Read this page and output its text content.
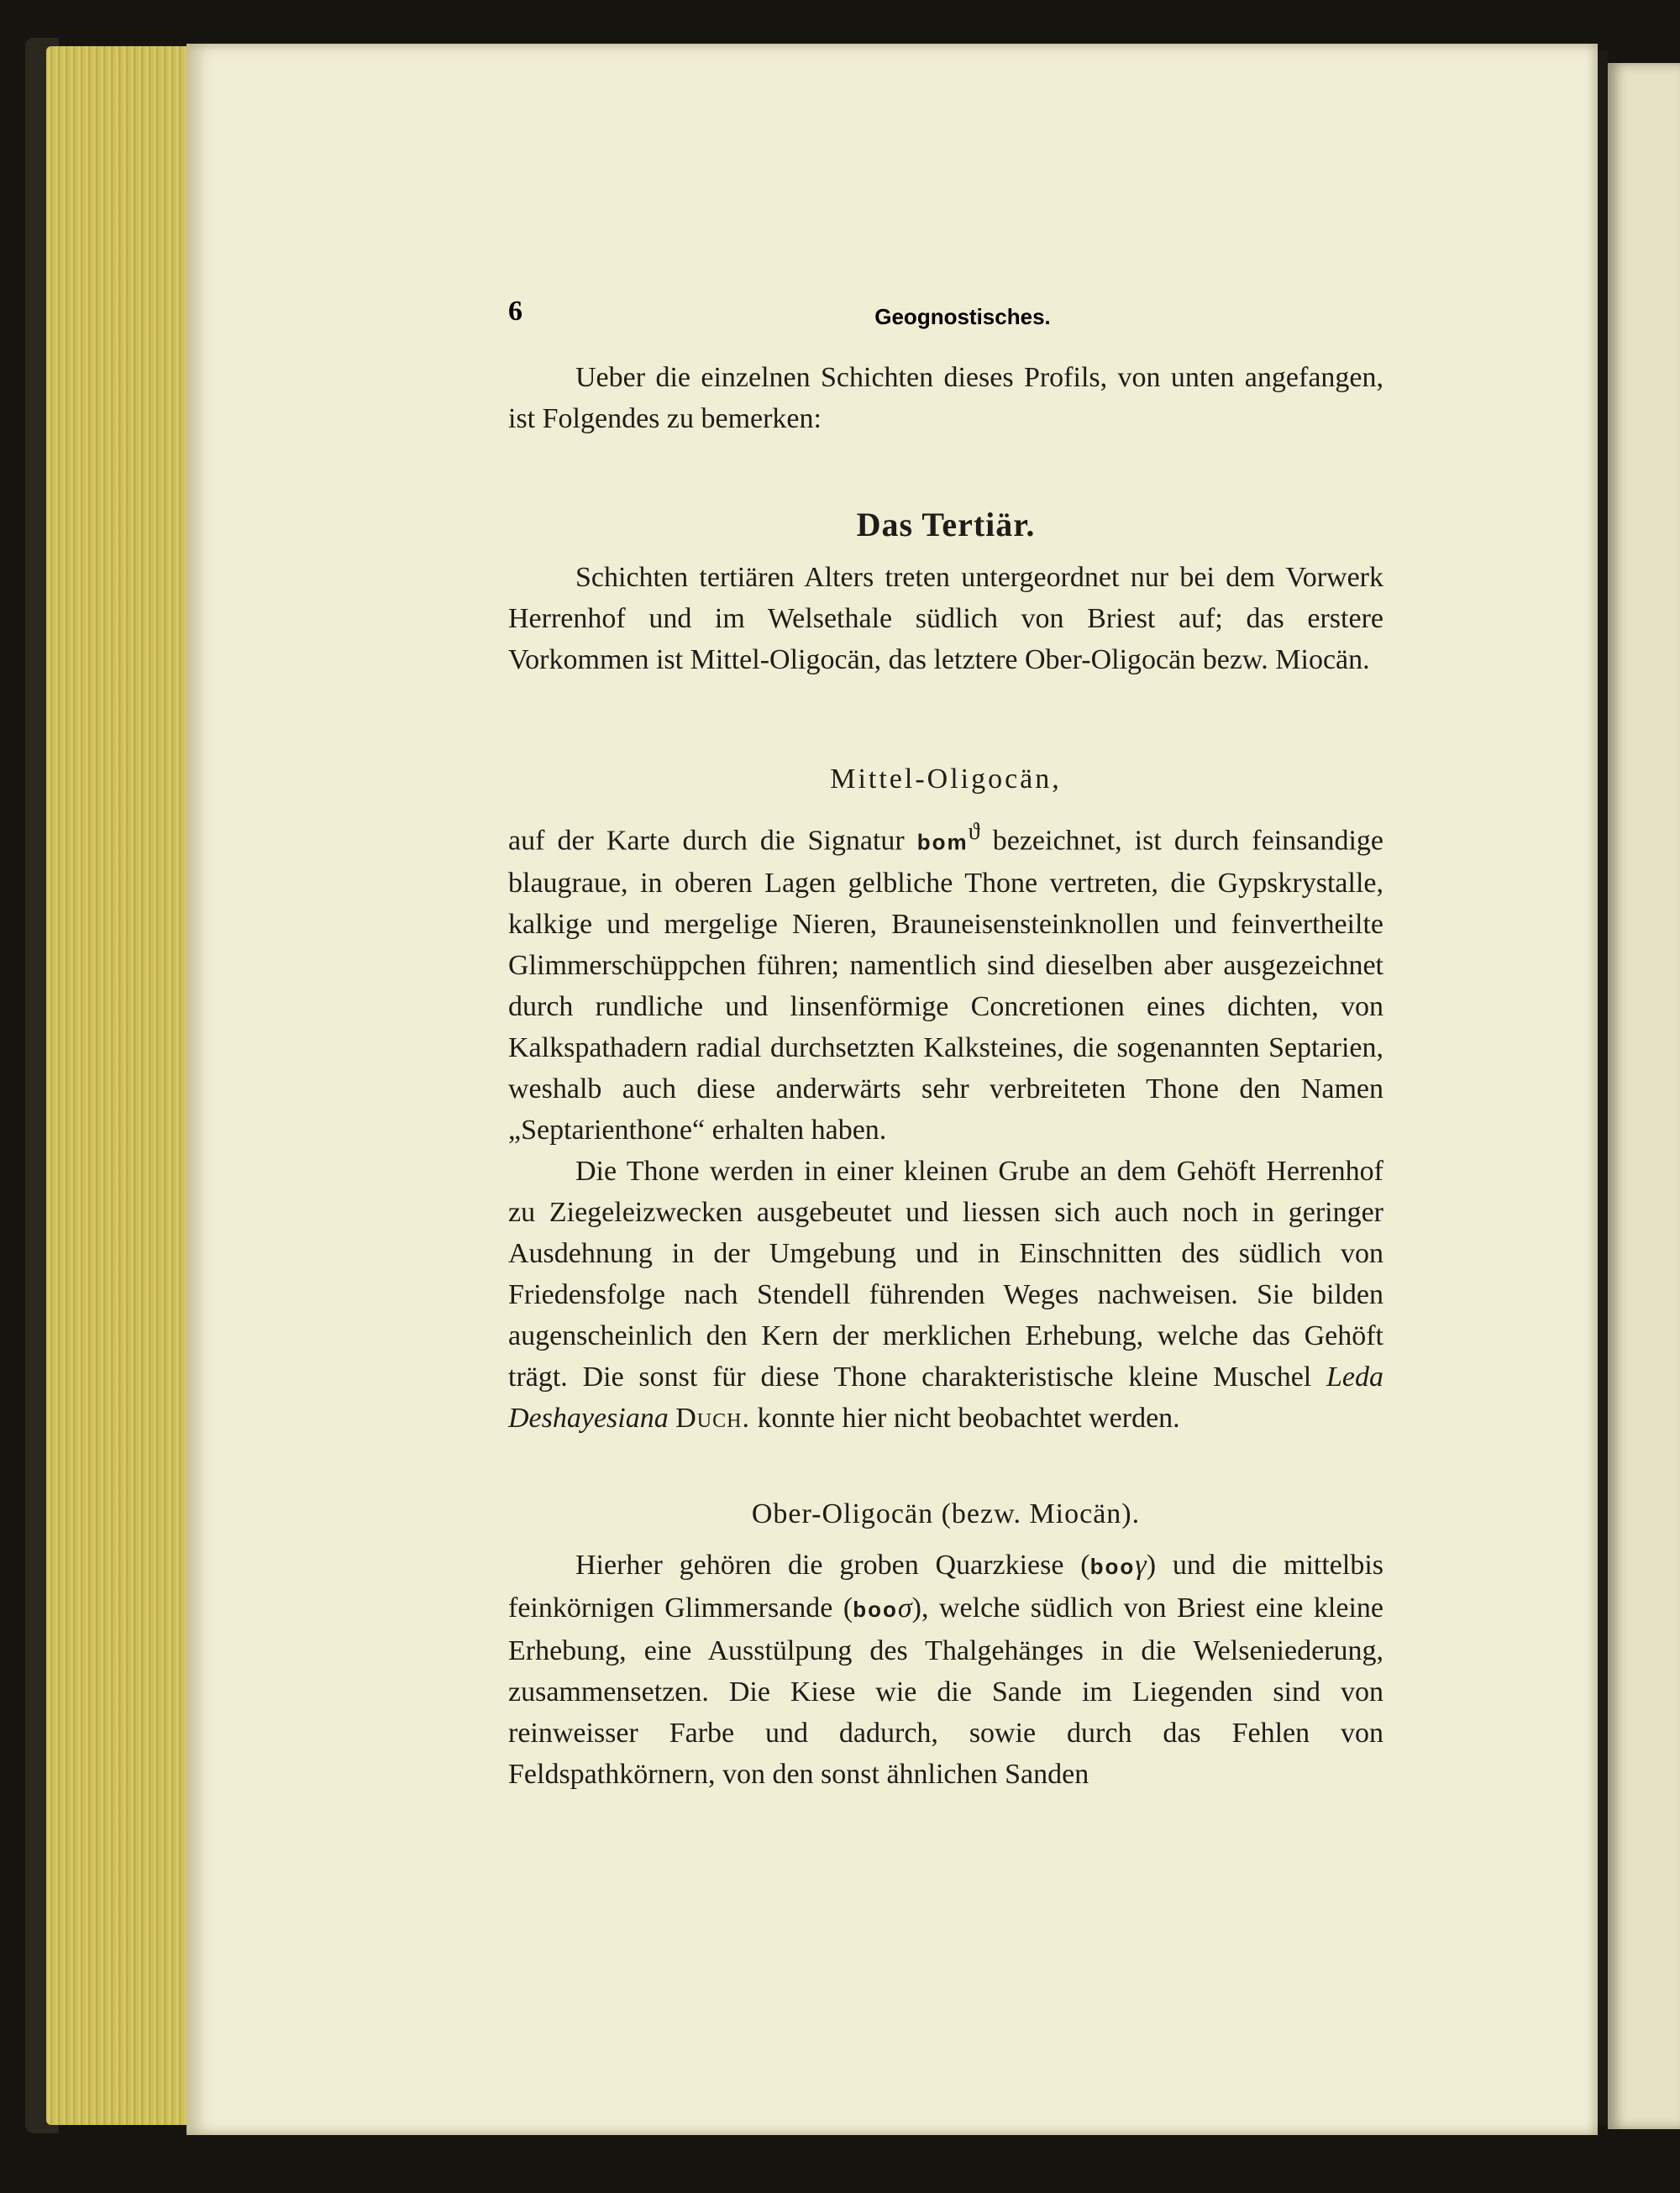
6	Geognostisches.

Ueber die einzelnen Schichten dieses Profils, von unten angefangen, ist Folgendes zu bemerken:

Das Tertiär.

Schichten tertiären Alters treten untergeordnet nur bei dem Vorwerk Herrenhof und im Welsethale südlich von Briest auf; das erstere Vorkommen ist Mittel-Oligocän, das letztere Ober-Oligocän bezw. Miocän.

Mittel-Oligocän,

auf der Karte durch die Signatur bom$^ϑ$ bezeichnet, ist durch feinsandige blaugraue, in oberen Lagen gelbliche Thone vertreten, die Gypskrystalle, kalkige und mergelige Nieren, Brauneisensteinknollen und feinvertheilte Glimmerschüppchen führen; namentlich sind dieselben aber ausgezeichnet durch rundliche und linsenförmige Concretionen eines dichten, von Kalkspathadern radial durchsetzten Kalksteines, die sogenannten Septarien, weshalb auch diese anderwärts sehr verbreiteten Thone den Namen „Septarienthone“ erhalten haben.

Die Thone werden in einer kleinen Grube an dem Gehöft Herrenhof zu Ziegeleizwecken ausgebeutet und liessen sich auch noch in geringer Ausdehnung in der Umgebung und in Einschnitten des südlich von Friedensfolge nach Stendell führenden Weges nachweisen. Sie bilden augenscheinlich den Kern der merklichen Erhebung, welche das Gehöft trägt. Die sonst für diese Thone charakteristische kleine Muschel Leda Deshayesiana Duch. konnte hier nicht beobachtet werden.

Ober-Oligocän (bezw. Miocän).

Hierher gehören die groben Quarzkiese (booγ) und die mittelbis feinkörnigen Glimmersande (booσ), welche südlich von Briest eine kleine Erhebung, eine Ausstülpung des Thalgehänges in die Welseniederung, zusammensetzen. Die Kiese wie die Sande im Liegenden sind von reinweisser Farbe und dadurch, sowie durch das Fehlen von Feldspathkörnern, von den sonst ähnlichen Sanden
